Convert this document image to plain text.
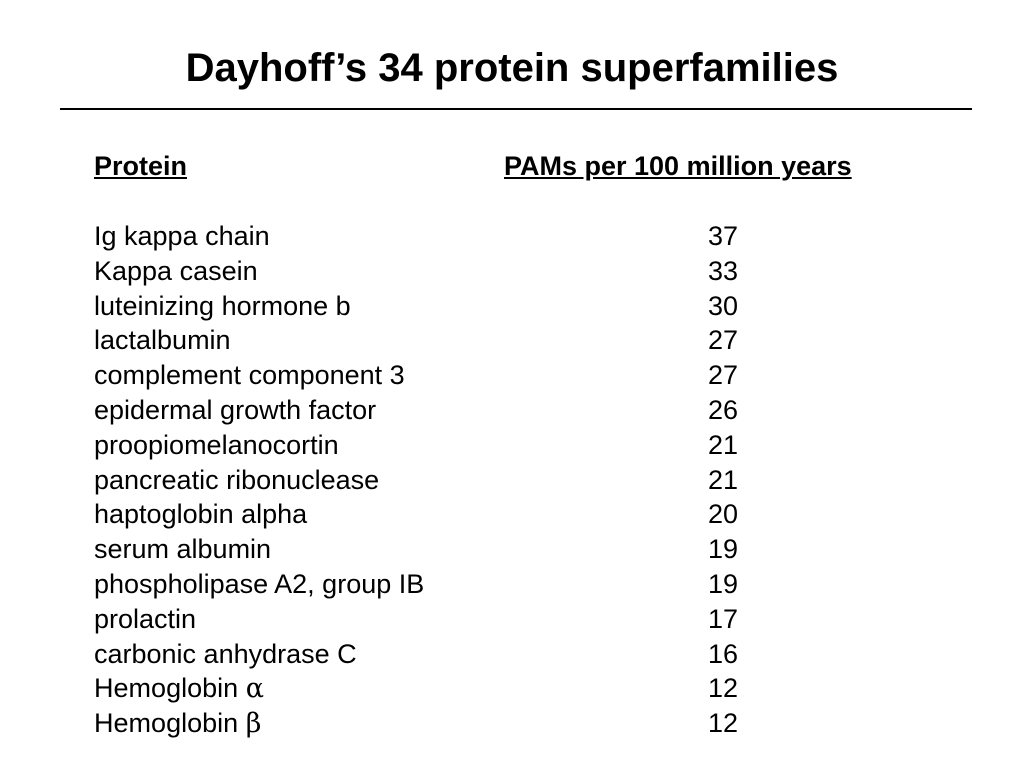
Dayhoff’s 34 protein superfamilies
Protein	PAMs per 100 million years
Ig kappa chain	37
Kappa casein	33
luteinizing hormone b	30
lactalbumin	27
complement component 3	27
epidermal growth factor	26
proopiomelanocortin	21
pancreatic ribonuclease	21
haptoglobin alpha	20
serum albumin	19
phospholipase A2, group IB	19
prolactin	17
carbonic anhydrase C	16
Hemoglobin α	12
Hemoglobin β	12
